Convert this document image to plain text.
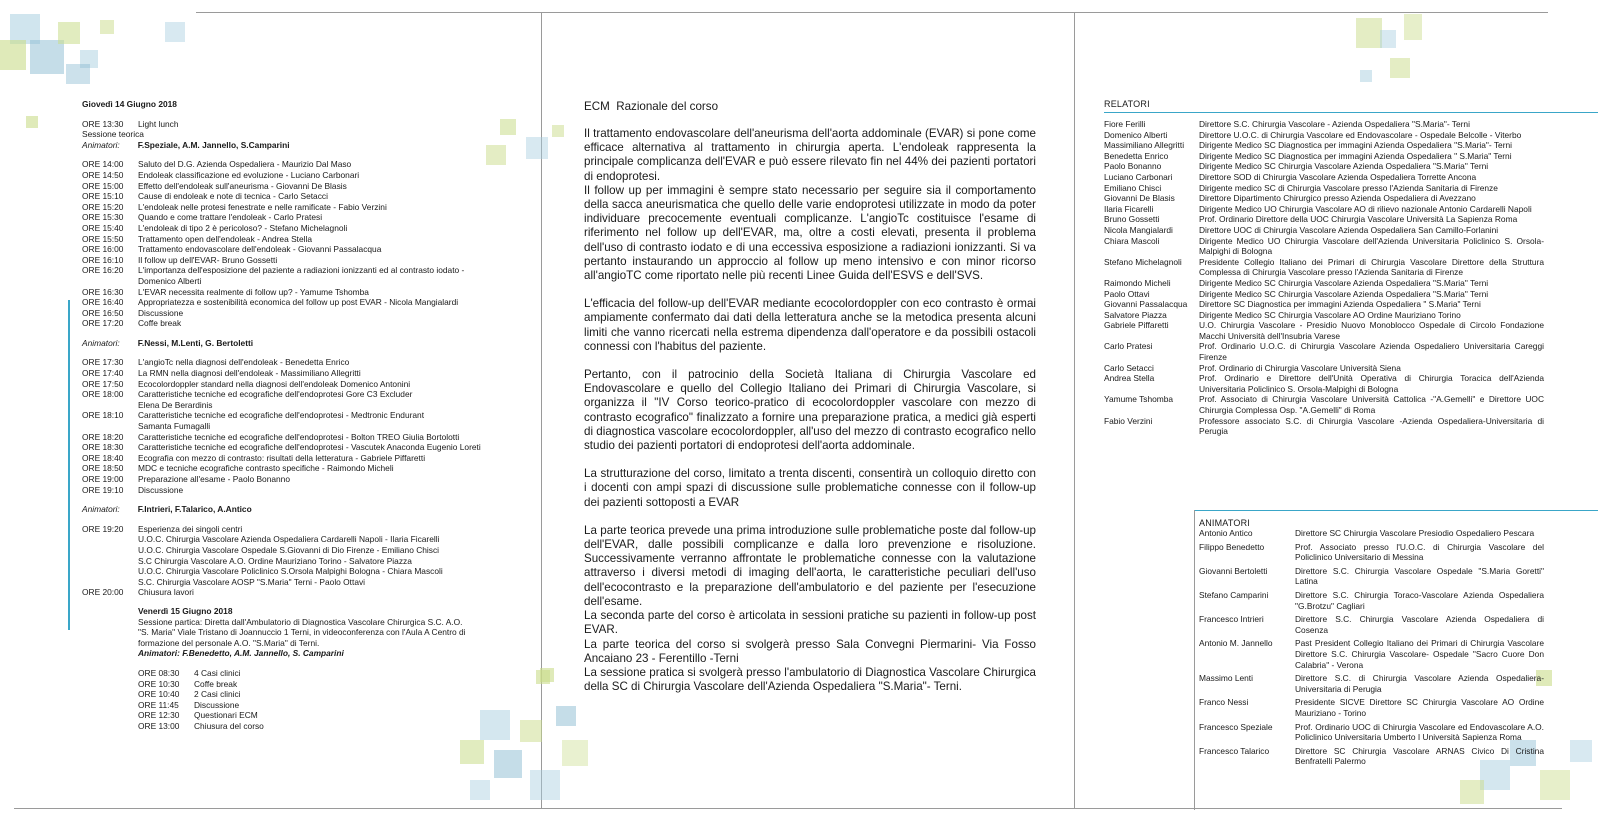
Giovedì 14 Giugno 2018
ORE 13:30	Light lunch
Sessione teorica
Animatori: F.Speziale, A.M. Jannello, S.Camparini
ORE 14:00	Saluto del D.G. Azienda Ospedaliera - Maurizio Dal Maso
ORE 14:50	Endoleak classificazione ed evoluzione - Luciano Carbonari
ORE 15:00	Effetto dell'endoleak sull'aneurisma - Giovanni De Blasis
ORE 15:10	Cause di endoleak e note di tecnica - Carlo Setacci
ORE 15:20	L'endoleak nelle protesi fenestrate e nelle ramificate - Fabio Verzini
ORE 15:30	Quando e come trattare l'endoleak - Carlo Pratesi
ORE 15:40	L'endoleak di tipo 2 è pericoloso? - Stefano Michelagnoli
ORE 15:50	Trattamento open dell'endoleak - Andrea Stella
ORE 16:00	Trattamento endovascolare dell'endoleak - Giovanni Passalacqua
ORE 16:10	Il follow up dell'EVAR- Bruno Gossetti
ORE 16:20	L'importanza dell'esposizione del paziente a radiazioni ionizzanti ed al contrasto iodato -
Domenico Alberti
ORE 16:30	L'EVAR necessita realmente di follow up? - Yamume Tshomba
ORE 16:40	Appropriatezza e sostenibilità economica del follow up post EVAR - Nicola Mangialardi
ORE 16:50	Discussione
ORE 17:20	Coffe break
Animatori: F.Nessi, M.Lenti, G. Bertoletti
ORE 17:30	L'angioTc nella diagnosi dell'endoleak - Benedetta Enrico
ORE 17:40	La RMN nella diagnosi dell'endoleak - Massimiliano Allegritti
ORE 17:50	Ecocolordoppler standard nella diagnosi dell'endoleak Domenico Antonini
ORE 18:00	Caratteristiche tecniche ed ecografiche dell'endoprotesi Gore C3 Excluder
Elena De Berardinis
ORE 18:10	Caratteristiche tecniche ed ecografiche dell'endoprotesi - Medtronic Endurant
Samanta Fumagalli
ORE 18:20	Caratteristiche tecniche ed ecografiche dell'endoprotesi - Bolton TREO Giulia Bortolotti
ORE 18:30	Caratteristiche tecniche ed ecografiche dell'endoprotesi - Vascutek Anaconda Eugenio Loreti
ORE 18:40	Ecografia con mezzo di contrasto: risultati della letteratura - Gabriele Piffaretti
ORE 18:50	MDC e tecniche ecografiche contrasto specifiche - Raimondo Micheli
ORE 19:00	Preparazione all'esame - Paolo Bonanno
ORE 19:10	Discussione
Animatori: F.Intrieri, F.Talarico, A.Antico
ORE 19:20	Esperienza dei singoli centri
U.O.C. Chirurgia Vascolare Azienda Ospedaliera Cardarelli Napoli - Ilaria Ficarelli
U.O.C. Chirurgia Vascolare Ospedale S.Giovanni di Dio Firenze - Emiliano Chisci
S.C Chirurgia Vascolare A.O. Ordine Mauriziano Torino - Salvatore Piazza
U.O.C. Chirurgia Vascolare Policlinico S.Orsola Malpighi Bologna - Chiara Mascoli
S.C. Chirurgia Vascolare AOSP "S.Maria" Terni - Paolo Ottavi
ORE 20:00	Chiusura lavori
Venerdì 15 Giugno 2018
Sessione partica: Diretta dall'Ambulatorio di Diagnostica Vascolare Chirurgica S.C. A.O.
"S. Maria" Viale Tristano di Joannuccio 1 Terni, in videoconferenza con l'Aula A Centro di
formazione del personale A.O. "S.Maria" di Terni.
Animatori: F.Benedetto, A.M. Jannello, S. Camparini
ORE 08:30	4 Casi clinici
ORE 10:30	Coffe break
ORE 10:40	2 Casi clinici
ORE 11:45	Discussione
ORE 12:30	Questionari ECM
ORE 13:00	Chiusura del corso
ECM  Razionale del corso

Il trattamento endovascolare dell'aneurisma dell'aorta addominale (EVAR) si pone come efficace alternativa al trattamento in chirurgia aperta. L'endoleak rappresenta la principale complicanza dell'EVAR e può essere rilevato fin nel 44% dei pazienti portatori di endoprotesi.

Il follow up per immagini è sempre stato necessario per seguire sia il comportamento della sacca aneurismatica che quello delle varie endoprotesi utilizzate in modo da poter individuare precocemente eventuali complicanze. L'angioTc costituisce l'esame di riferimento nel follow up dell'EVAR, ma, oltre a costi elevati, presenta il problema dell'uso di contrasto iodato e di una eccessiva esposizione a radiazioni ionizzanti. Si va pertanto instaurando un approccio al follow up meno intensivo e con minor ricorso all'angioTC come riportato nelle più recenti Linee Guida dell'ESVS e dell'SVS.

L'efficacia del follow-up dell'EVAR mediante ecocolordoppler con eco contrasto è ormai ampiamente confermato dai dati della letteratura anche se la metodica presenta alcuni limiti che vanno ricercati nella estrema dipendenza dall'operatore e da possibili ostacoli connessi con l'habitus del paziente.

Pertanto, con il patrocinio della Società Italiana di Chirurgia Vascolare ed Endovascolare e quello del Collegio Italiano dei Primari di Chirurgia Vascolare, si organizza il "IV Corso teorico-pratico di ecocolordoppler vascolare con mezzo di contrasto ecografico" finalizzato a fornire una preparazione pratica, a medici già esperti di diagnostica vascolare ecocolordoppler, all'uso del mezzo di contrasto ecografico nello studio dei pazienti portatori di endoprotesi dell'aorta addominale.

La strutturazione del corso, limitato a trenta discenti, consentirà un colloquio diretto con i docenti con ampi spazi di discussione sulle problematiche connesse con il follow-up dei pazienti sottoposti a EVAR

La parte teorica prevede una prima introduzione sulle problematiche poste dal follow-up dell'EVAR, dalle possibili complicanze e dalla loro prevenzione e risoluzione. Successivamente verranno affrontate le problematiche connesse con la valutazione attraverso i diversi metodi di imaging dell'aorta, le caratteristiche peculiari dell'uso dell'ecocontrasto e la preparazione dell'ambulatorio e del paziente per l'esecuzione dell'esame.

La seconda parte del corso è articolata in sessioni pratiche su pazienti in follow-up post EVAR.

La parte teorica del corso si svolgerà presso Sala Convegni Piermarini- Via Fosso Ancaiano 23 - Ferentillo -Terni

La sessione pratica si svolgerà presso l'ambulatorio di Diagnostica Vascolare Chirurgica della SC di Chirurgia Vascolare dell'Azienda Ospedaliera "S.Maria"- Terni.

RELATORI
Fiore Ferilli	Direttore S.C. Chirurgia Vascolare - Azienda Ospedaliera "S.Maria"- Terni
Domenico Alberti	Direttore U.O.C. di Chirurgia Vascolare ed Endovascolare - Ospedale Belcolle - Viterbo
Massimiliano Allegritti	Dirigente Medico SC Diagnostica per immagini Azienda Ospedaliera "S.Maria"- Terni
Benedetta Enrico	Dirigente Medico SC Diagnostica per immagini Azienda Ospedaliera " S.Maria" Terni
Paolo Bonanno	Dirigente Medico SC Chirurgia Vascolare Azienda Ospedaliera "S.Maria" Terni
Luciano Carbonari	Direttore SOD di Chirurgia Vascolare Azienda Ospedaliera Torrette Ancona
Emiliano Chisci	Dirigente medico SC di Chirurgia Vascolare presso l'Azienda Sanitaria di Firenze
Giovanni De Blasis	Direttore Dipartimento Chirurgico presso Azienda Ospedaliera di Avezzano
Ilaria Ficarelli	Dirigente Medico UO Chirurgia Vascolare AO di rilievo nazionale Antonio Cardarelli Napoli
Bruno Gossetti	Prof. Ordinario Direttore della UOC Chirurgia Vascolare Università La Sapienza Roma
Nicola Mangialardi	Direttore UOC di Chirurgia Vascolare Azienda Ospedaliera San Camillo-Forlanini
Chiara Mascoli	Dirigente Medico UO Chirurgia Vascolare dell'Azienda Universitaria Policlinico S. Orsola-Malpighi di Bologna
Stefano Michelagnoli	Presidente Collegio Italiano dei Primari di Chirurgia Vascolare Direttore della Struttura Complessa di Chirurgia Vascolare presso l'Azienda Sanitaria di Firenze
Raimondo Micheli	Dirigente Medico SC Chirurgia Vascolare Azienda Ospedaliera "S.Maria" Terni
Paolo Ottavi	Dirigente Medico SC Chirurgia Vascolare Azienda Ospedaliera "S.Maria" Terni
Giovanni Passalacqua	Direttore SC Diagnostica per immagini Azienda Ospedaliera " S.Maria" Terni
Salvatore Piazza	Dirigente Medico SC Chirurgia Vascolare AO Ordine Mauriziano Torino
Gabriele Piffaretti	U.O. Chirurgia Vascolare - Presidio Nuovo Monoblocco Ospedale di Circolo Fondazione Macchi Università dell'Insubria Varese
Carlo Pratesi	Prof. Ordinario U.O.C. di Chirurgia Vascolare Azienda Ospedaliero Universitaria Careggi Firenze
Carlo Setacci	Prof. Ordinario di Chirurgia Vascolare Università Siena
Andrea Stella	Prof. Ordinario e Direttore dell'Unità Operativa di Chirurgia Toracica dell'Azienda Universitaria Policlinico S. Orsola-Malpighi di Bologna
Yamume Tshomba	Prof. Associato di Chirurgia Vascolare Università Cattolica -"A.Gemelli" e Direttore UOC Chirurgia Complessa Osp. "A.Gemelli" di Roma
Fabio Verzini	Professore associato S.C. di Chirurgia Vascolare -Azienda Ospedaliera-Universitaria di Perugia
ANIMATORI
Antonio Antico	Direttore SC Chirurgia Vascolare Presiodio Ospedaliero Pescara
Filippo Benedetto	Prof. Associato presso l'U.O.C. di Chirurgia Vascolare del Policlinico Universitario di Messina
Giovanni Bertoletti	Direttore S.C. Chirurgia Vascolare Ospedale "S.Maria Goretti" Latina
Stefano Camparini	Direttore S.C. Chirurgia Toraco-Vascolare Azienda Ospedaliera "G.Brotzu" Cagliari
Francesco Intrieri	Direttore S.C. Chirurgia Vascolare Azienda Ospedaliera di Cosenza
Antonio M. Jannello	Past President Collegio Italiano dei Primari di Chirurgia Vascolare Direttore S.C. Chirurgia Vascolare- Ospedale "Sacro Cuore Don Calabria" - Verona
Massimo Lenti	Direttore S.C. di Chirurgia Vascolare Azienda Ospedaliera-Universitaria di Perugia
Franco Nessi	Presidente SICVE Direttore SC Chirurgia Vascolare AO Ordine Mauriziano - Torino
Francesco Speziale	Prof. Ordinario UOC di Chirurgia Vascolare ed Endovascolare A.O. Policlinico Universitaria Umberto I Università Sapienza Roma
Francesco Talarico	Direttore SC Chirurgia Vascolare ARNAS Civico Di Cristina Benfratelli Palermo
